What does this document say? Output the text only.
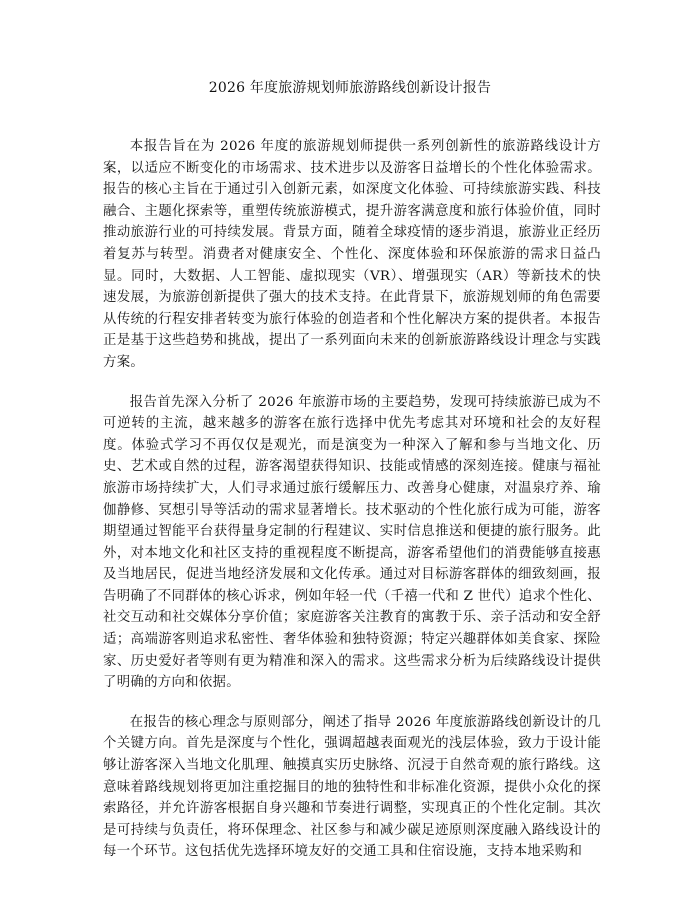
2026 年度旅游规划师旅游路线创新设计报告

本报告旨在为 2026 年度的旅游规划师提供一系列创新性的旅游路线设计方案，以适应不断变化的市场需求、技术进步以及游客日益增长的个性化体验需求。报告的核心主旨在于通过引入创新元素，如深度文化体验、可持续旅游实践、科技融合、主题化探索等，重塑传统旅游模式，提升游客满意度和旅行体验价值，同时推动旅游行业的可持续发展。背景方面，随着全球疫情的逐步消退，旅游业正经历着复苏与转型。消费者对健康安全、个性化、深度体验和环保旅游的需求日益凸显。同时，大数据、人工智能、虚拟现实（VR）、增强现实（AR）等新技术的快速发展，为旅游创新提供了强大的技术支持。在此背景下，旅游规划师的角色需要从传统的行程安排者转变为旅行体验的创造者和个性化解决方案的提供者。本报告正是基于这些趋势和挑战，提出了一系列面向未来的创新旅游路线设计理念与实践方案。

报告首先深入分析了 2026 年旅游市场的主要趋势，发现可持续旅游已成为不可逆转的主流，越来越多的游客在旅行选择中优先考虑其对环境和社会的友好程度。体验式学习不再仅仅是观光，而是演变为一种深入了解和参与当地文化、历史、艺术或自然的过程，游客渴望获得知识、技能或情感的深刻连接。健康与福祉旅游市场持续扩大，人们寻求通过旅行缓解压力、改善身心健康，对温泉疗养、瑜伽静修、冥想引导等活动的需求显著增长。技术驱动的个性化旅行成为可能，游客期望通过智能平台获得量身定制的行程建议、实时信息推送和便捷的旅行服务。此外，对本地文化和社区支持的重视程度不断提高，游客希望他们的消费能够直接惠及当地居民，促进当地经济发展和文化传承。通过对目标游客群体的细致刻画，报告明确了不同群体的核心诉求，例如年轻一代（千禧一代和 Z 世代）追求个性化、社交互动和社交媒体分享价值；家庭游客关注教育的寓教于乐、亲子活动和安全舒适；高端游客则追求私密性、奢华体验和独特资源；特定兴趣群体如美食家、探险家、历史爱好者等则有更为精准和深入的需求。这些需求分析为后续路线设计提供了明确的方向和依据。

在报告的核心理念与原则部分，阐述了指导 2026 年度旅游路线创新设计的几个关键方向。首先是深度与个性化，强调超越表面观光的浅层体验，致力于设计能够让游客深入当地文化肌理、触摸真实历史脉络、沉浸于自然奇观的旅行路线。这意味着路线规划将更加注重挖掘目的地的独特性和非标准化资源，提供小众化的探索路径，并允许游客根据自身兴趣和节奏进行调整，实现真正的个性化定制。其次是可持续与负责任，将环保理念、社区参与和减少碳足迹原则深度融入路线设计的每一个环节。这包括优先选择环境友好的交通工具和住宿设施，支持本地采购和
